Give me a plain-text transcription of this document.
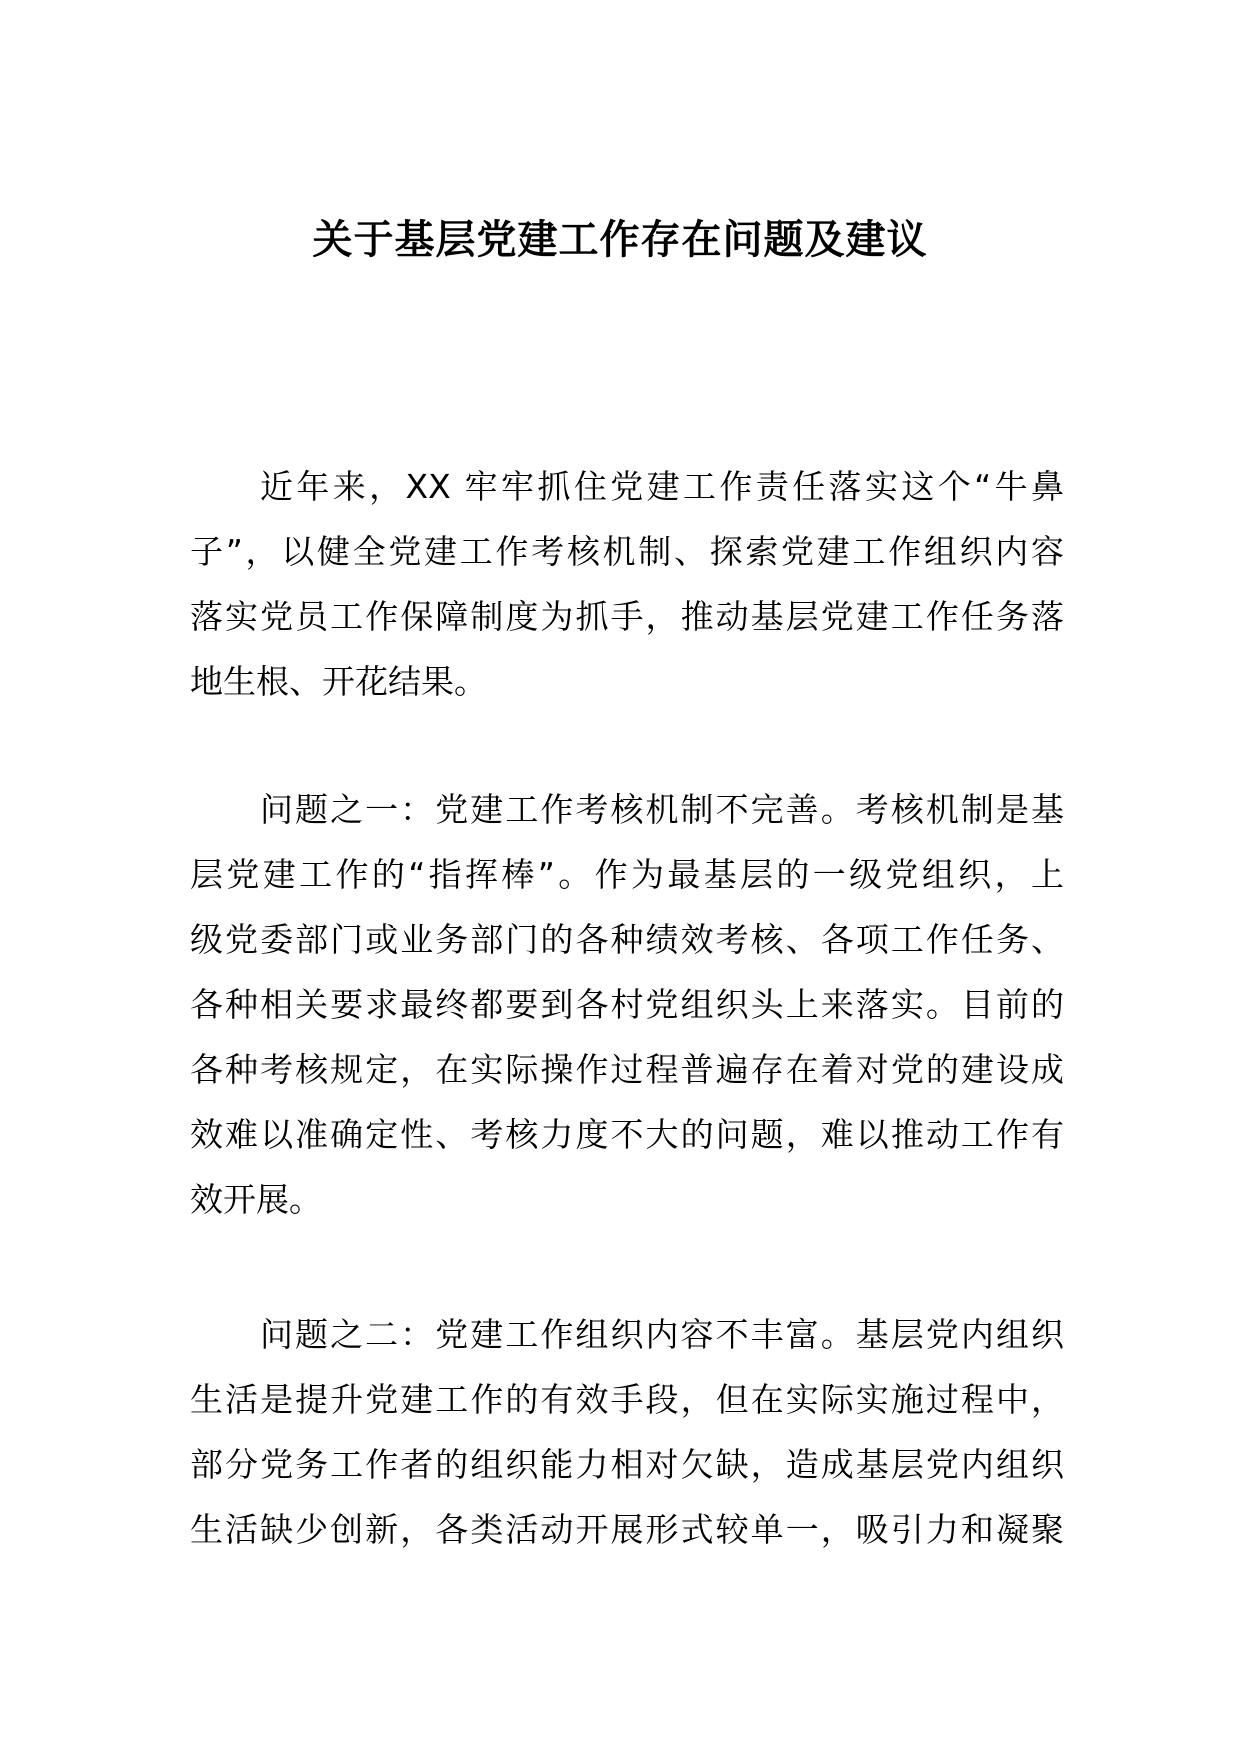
关于基层党建工作存在问题及建议
近年来，XX 牢牢抓住党建工作责任落实这个“牛鼻
子”，以健全党建工作考核机制、探索党建工作组织内容
落实党员工作保障制度为抓手，推动基层党建工作任务落
地生根、开花结果。
问题之一：党建工作考核机制不完善。考核机制是基
层党建工作的“指挥棒”。作为最基层的一级党组织，上
级党委部门或业务部门的各种绩效考核、各项工作任务、
各种相关要求最终都要到各村党组织头上来落实。目前的
各种考核规定，在实际操作过程普遍存在着对党的建设成
效难以准确定性、考核力度不大的问题，难以推动工作有
效开展。
问题之二：党建工作组织内容不丰富。基层党内组织
生活是提升党建工作的有效手段，但在实际实施过程中，
部分党务工作者的组织能力相对欠缺，造成基层党内组织
生活缺少创新，各类活动开展形式较单一，吸引力和凝聚
